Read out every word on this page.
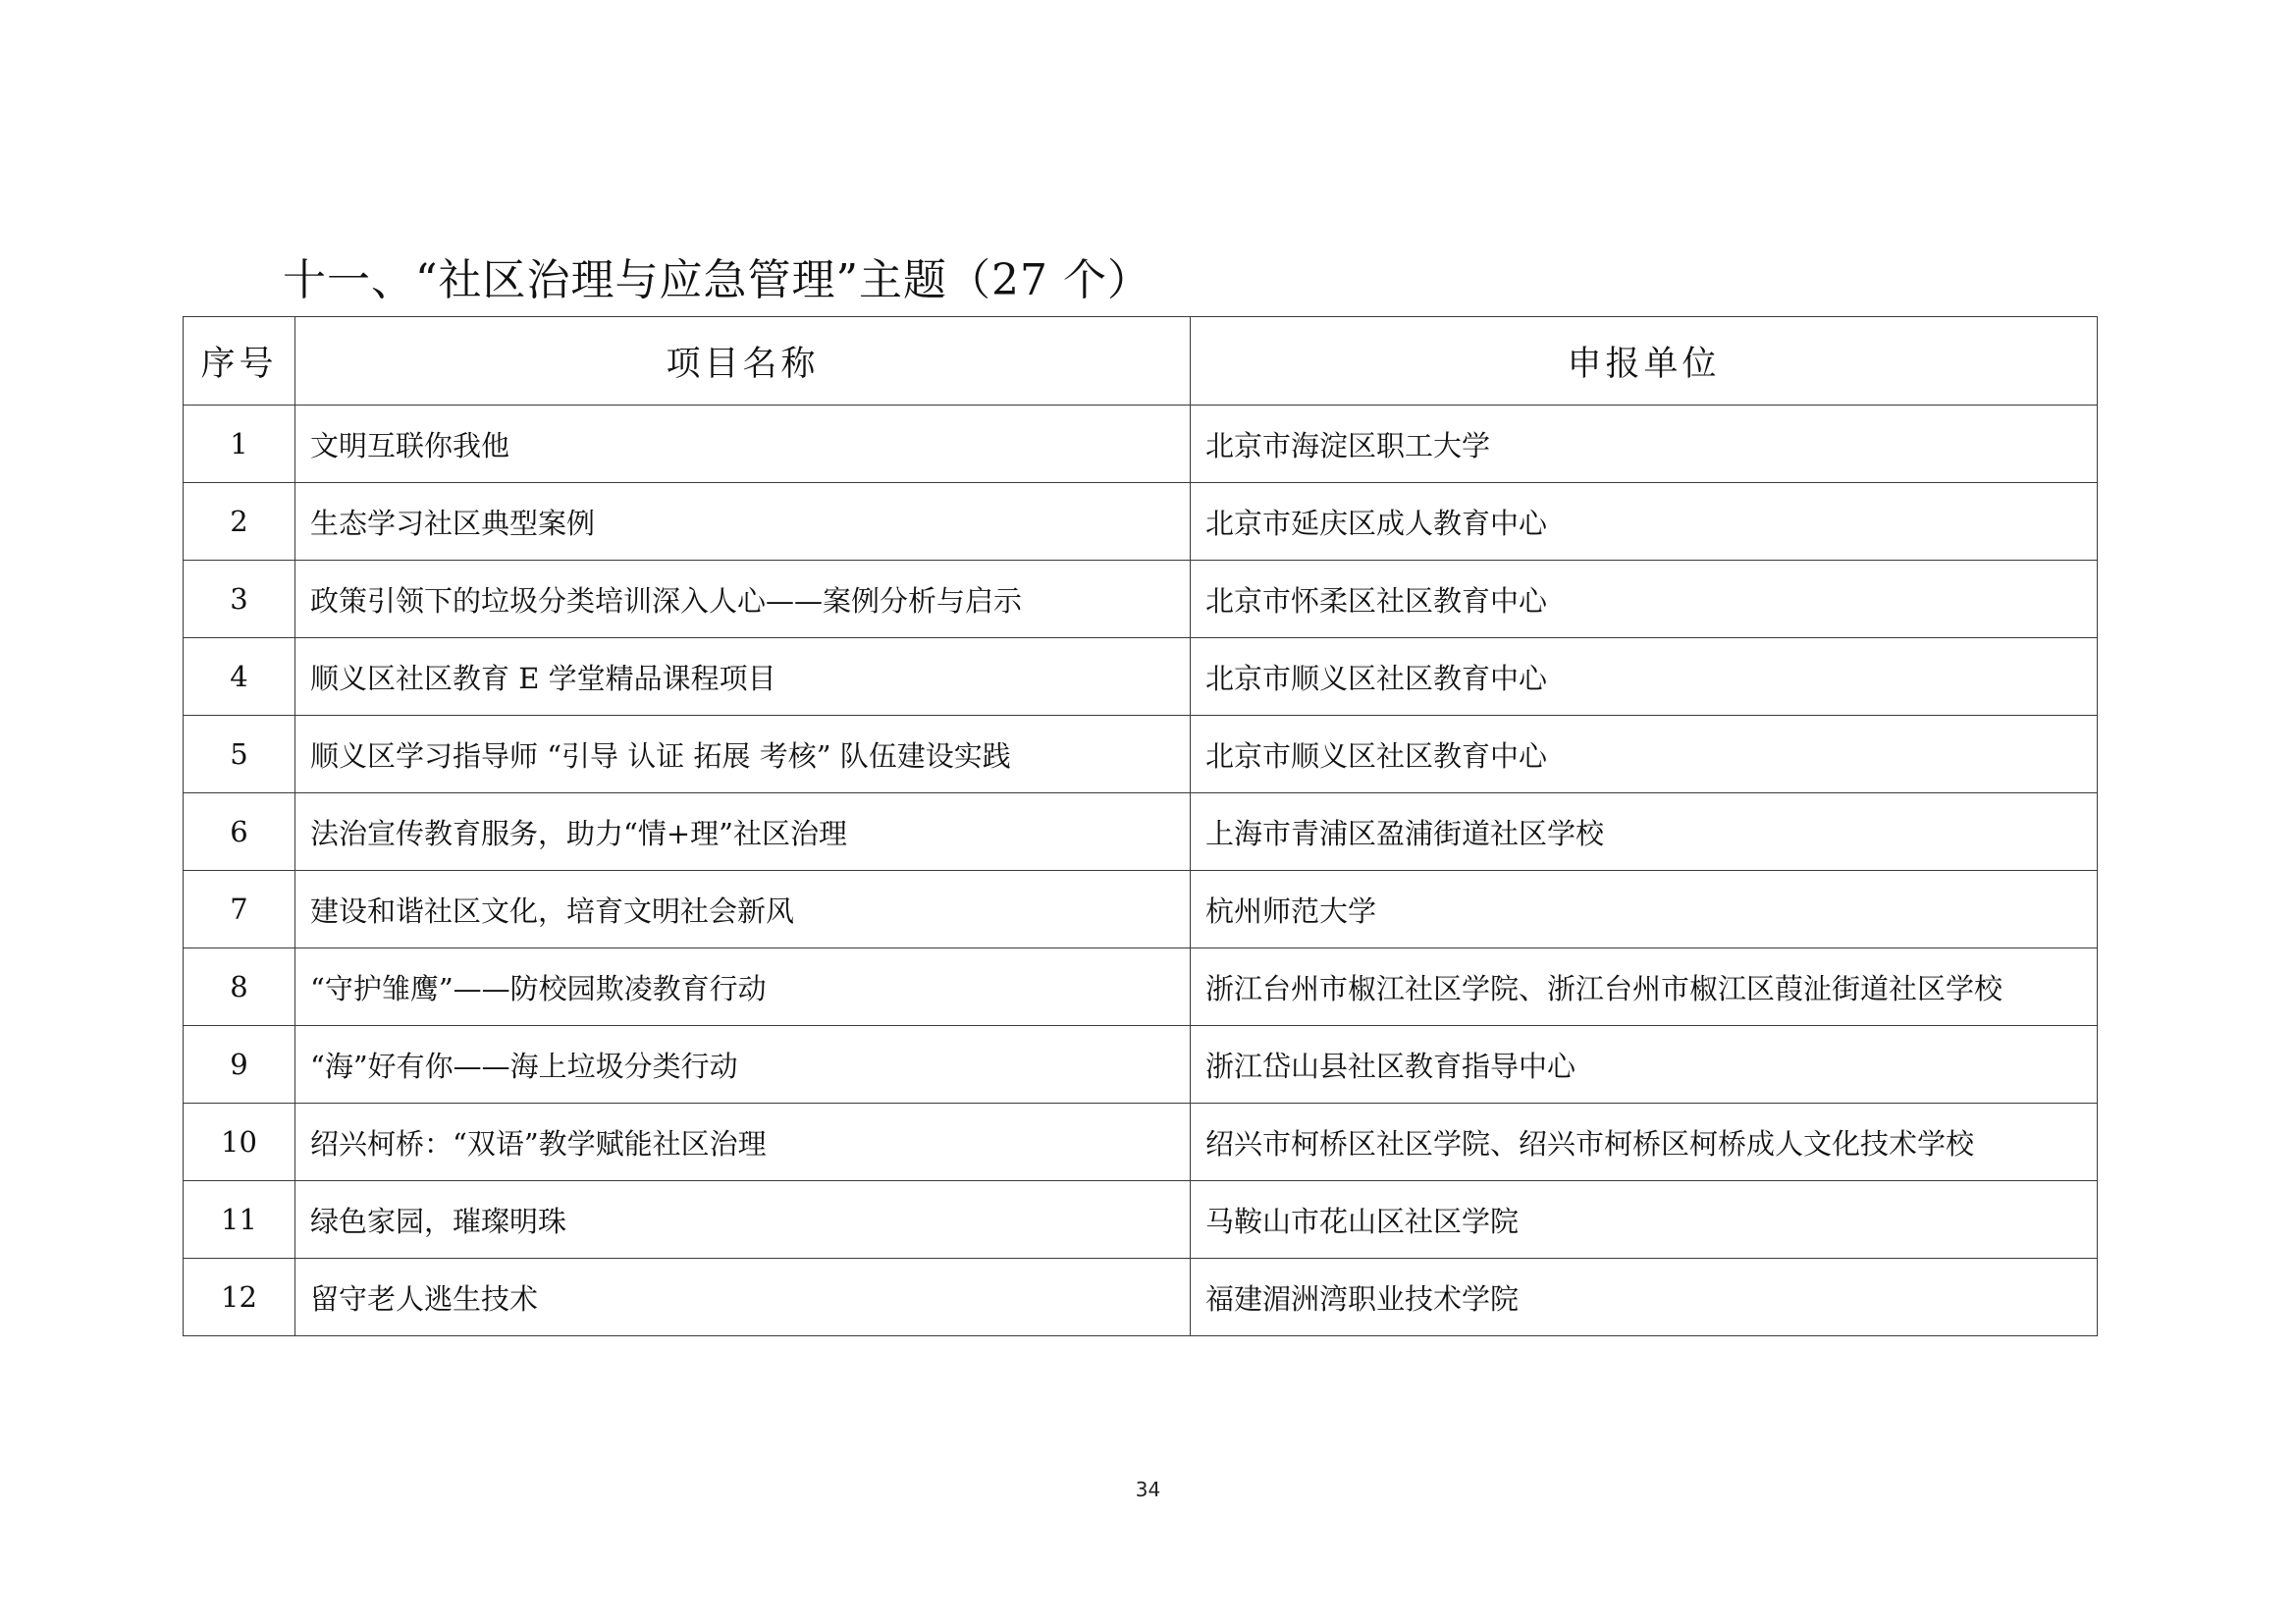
十一、“社区治理与应急管理”主题（27 个）
序号	项目名称	申报单位
1	文明互联你我他	北京市海淀区职工大学
2	生态学习社区典型案例	北京市延庆区成人教育中心
3	政策引领下的垃圾分类培训深入人心——案例分析与启示	北京市怀柔区社区教育中心
4	顺义区社区教育 E 学堂精品课程项目	北京市顺义区社区教育中心
5	顺义区学习指导师 “引导 认证 拓展 考核” 队伍建设实践	北京市顺义区社区教育中心
6	法治宣传教育服务，助力“情+理”社区治理	上海市青浦区盈浦街道社区学校
7	建设和谐社区文化，培育文明社会新风	杭州师范大学
8	“守护雏鹰”——防校园欺凌教育行动	浙江台州市椒江社区学院、浙江台州市椒江区葭沚街道社区学校
9	“海”好有你——海上垃圾分类行动	浙江岱山县社区教育指导中心
10	绍兴柯桥：“双语”教学赋能社区治理	绍兴市柯桥区社区学院、绍兴市柯桥区柯桥成人文化技术学校
11	绿色家园，璀璨明珠	马鞍山市花山区社区学院
12	留守老人逃生技术	福建湄洲湾职业技术学院
34
